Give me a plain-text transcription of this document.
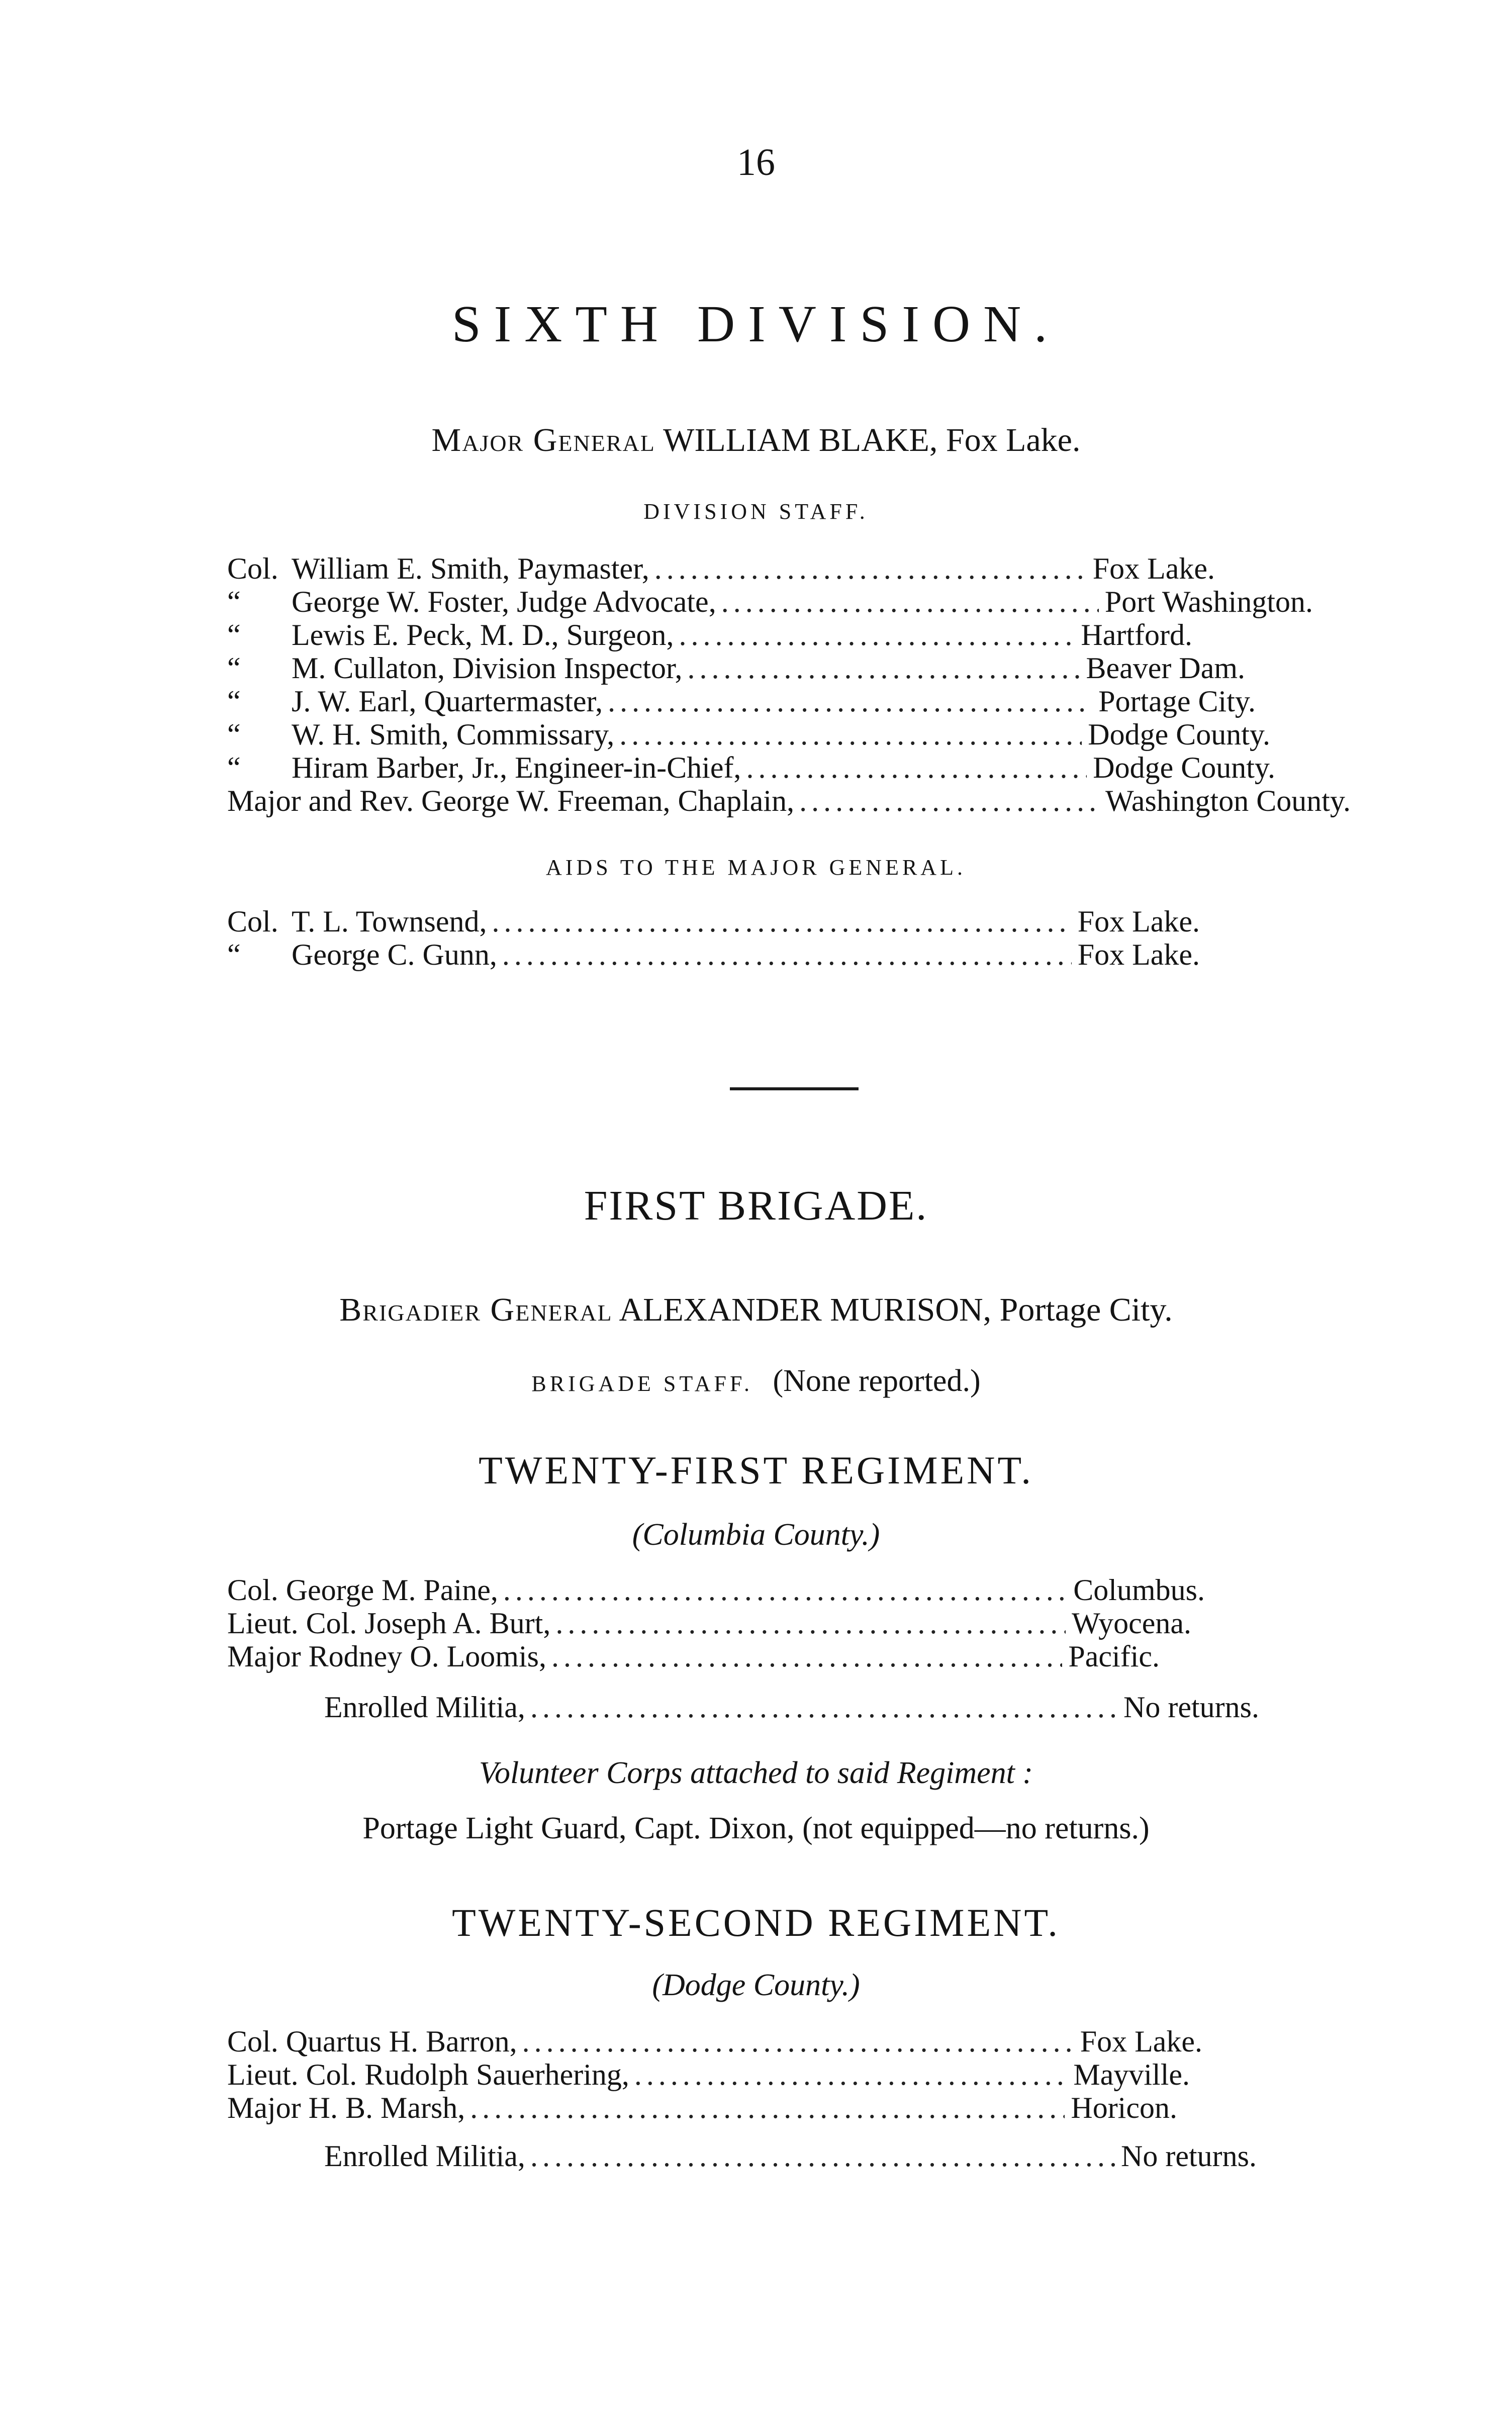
16
SIXTH DIVISION.
Major General WILLIAM BLAKE, Fox Lake.
DIVISION STAFF.
Col. William E. Smith, Paymaster, .....	Fox Lake.
“ George W. Foster, Judge Advocate, .....	Port Washington.
“ Lewis E. Peck, M. D., Surgeon, .....	Hartford.
“ M. Cullaton, Division Inspector, .....	Beaver Dam.
“ J. W. Earl, Quartermaster, .....	Portage City.
“ W. H. Smith, Commissary, .....	Dodge County.
“ Hiram Barber, Jr., Engineer-in-Chief, .....	Dodge County.
Major and Rev. George W. Freeman, Chaplain, .....	Washington County.
AIDS TO THE MAJOR GENERAL.
Col. T. L. Townsend, .....	Fox Lake.
“ George C. Gunn, .....	Fox Lake.
FIRST BRIGADE.
Brigadier General ALEXANDER MURISON, Portage City.
BRIGADE STAFF. (None reported.)
TWENTY-FIRST REGIMENT.
(Columbia County.)
Col. George M. Paine, .....	Columbus.
Lieut. Col. Joseph A. Burt, .....	Wyocena.
Major Rodney O. Loomis, .....	Pacific.
Enrolled Militia, .....	No returns.
Volunteer Corps attached to said Regiment :
Portage Light Guard, Capt. Dixon, (not equipped—no returns.)
TWENTY-SECOND REGIMENT.
(Dodge County.)
Col. Quartus H. Barron, .....	Fox Lake.
Lieut. Col. Rudolph Sauerhering, .....	Mayville.
Major H. B. Marsh, .....	Horicon.
Enrolled Militia, .....	No returns.
